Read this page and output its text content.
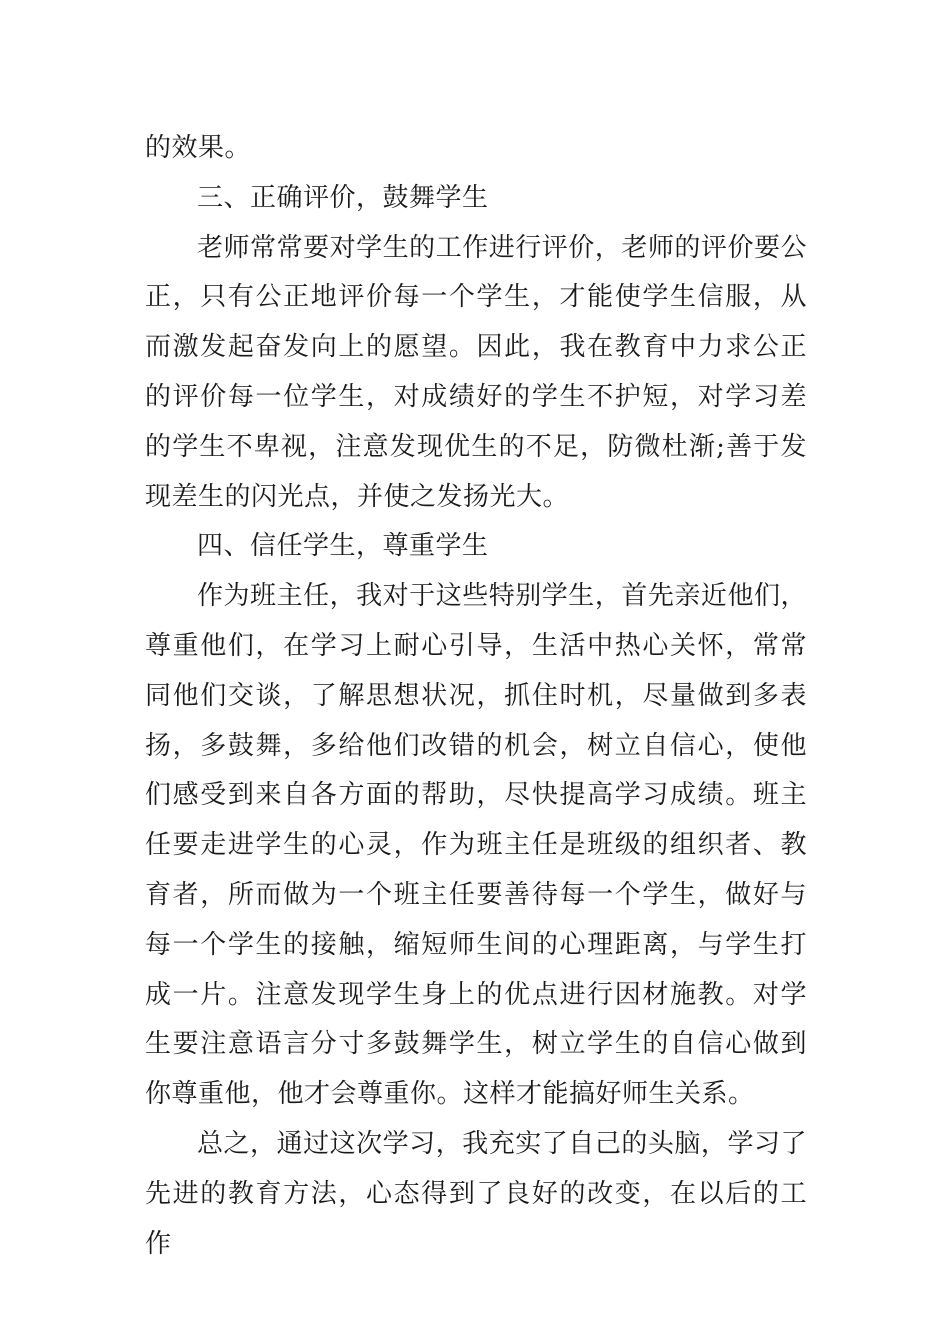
的效果。

三、正确评价，鼓舞学生

老师常常要对学生的工作进行评价，老师的评价要公正，只有公正地评价每一个学生，才能使学生信服，从而激发起奋发向上的愿望。因此，我在教育中力求公正的评价每一位学生，对成绩好的学生不护短，对学习差的学生不卑视，注意发现优生的不足，防微杜渐;善于发现差生的闪光点，并使之发扬光大。

四、信任学生，尊重学生

作为班主任，我对于这些特别学生，首先亲近他们，尊重他们，在学习上耐心引导，生活中热心关怀，常常同他们交谈，了解思想状况，抓住时机，尽量做到多表扬，多鼓舞，多给他们改错的机会，树立自信心，使他们感受到来自各方面的帮助，尽快提高学习成绩。班主任要走进学生的心灵，作为班主任是班级的组织者、教育者，所而做为一个班主任要善待每一个学生，做好与每一个学生的接触，缩短师生间的心理距离，与学生打成一片。注意发现学生身上的优点进行因材施教。对学生要注意语言分寸多鼓舞学生，树立学生的自信心做到你尊重他，他才会尊重你。这样才能搞好师生关系。

总之，通过这次学习，我充实了自己的头脑，学习了先进的教育方法，心态得到了良好的改变，在以后的工作
